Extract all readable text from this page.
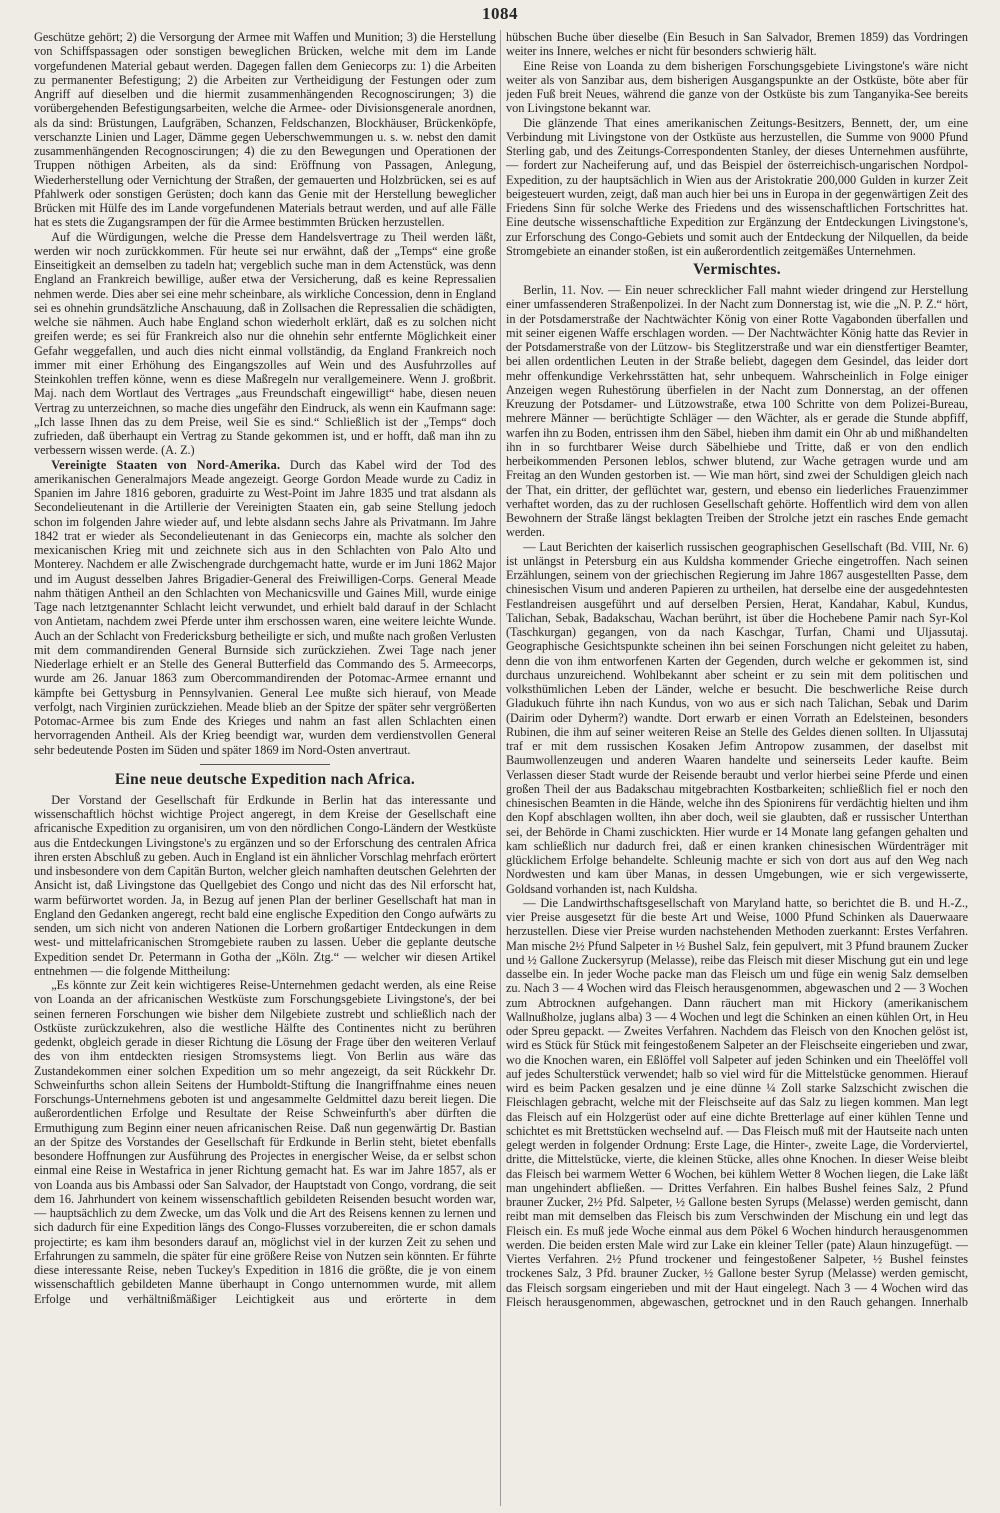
1084

Geschütze gehört; 2) die Versorgung der Armee mit Waffen und Munition; 3) die Herstellung von Schiffspassagen oder sonstigen beweglichen Brücken, welche mit dem im Lande vorgefundenen Material gebaut werden. Dagegen fallen dem Geniecorps zu: 1) die Arbeiten zu permanenter Befestigung; 2) die Arbeiten zur Vertheidigung der Festungen oder zum Angriff auf dieselben und die hiermit zusammenhängenden Recognoscirungen; 3) die vorübergehenden Befestigungsarbeiten, welche die Armee- oder Divisionsgenerale anordnen, als da sind: Brüstungen, Laufgräben, Schanzen, Feldschanzen, Blockhäuser, Brückenköpfe, verschanzte Linien und Lager, Dämme gegen Ueberschwemmungen u. s. w. nebst den damit zusammenhängenden Recognoscirungen; 4) die zu den Bewegungen und Operationen der Truppen nöthigen Arbeiten, als da sind: Eröffnung von Passagen, Anlegung, Wiederherstellung oder Vernichtung der Straßen, der gemauerten und Holzbrücken, sei es auf Pfahlwerk oder sonstigen Gerüsten; doch kann das Genie mit der Herstellung beweglicher Brücken mit Hülfe des im Lande vorgefundenen Materials betraut werden, und auf alle Fälle hat es stets die Zugangsrampen der für die Armee bestimmten Brücken herzustellen.

Auf die Würdigungen, welche die Presse dem Handelsvertrage zu Theil werden läßt, werden wir noch zurückkommen. Für heute sei nur erwähnt, daß der „Temps“ eine große Einseitigkeit an demselben zu tadeln hat; vergeblich suche man in dem Actenstück, was denn England an Frankreich bewillige, außer etwa der Versicherung, daß es keine Repressalien nehmen werde. Dies aber sei eine mehr scheinbare, als wirkliche Concession, denn in England sei es ohnehin grundsätzliche Anschauung, daß in Zollsachen die Repressalien die schädigten, welche sie nähmen. Auch habe England schon wiederholt erklärt, daß es zu solchen nicht greifen werde; es sei für Frankreich also nur die ohnehin sehr entfernte Möglichkeit einer Gefahr weggefallen, und auch dies nicht einmal vollständig, da England Frankreich noch immer mit einer Erhöhung des Eingangszolles auf Wein und des Ausfuhrzolles auf Steinkohlen treffen könne, wenn es diese Maßregeln nur verallgemeinere. Wenn J. großbrit. Maj. nach dem Wortlaut des Vertrages „aus Freundschaft eingewilligt“ habe, diesen neuen Vertrag zu unterzeichnen, so mache dies ungefähr den Eindruck, als wenn ein Kaufmann sage: „Ich lasse Ihnen das zu dem Preise, weil Sie es sind.“ Schließlich ist der „Temps“ doch zufrieden, daß überhaupt ein Vertrag zu Stande gekommen ist, und er hofft, daß man ihn zu verbessern wissen werde. (A. Z.)

Vereinigte Staaten von Nord-Amerika. Durch das Kabel wird der Tod des amerikanischen Generalmajors Meade angezeigt. George Gordon Meade wurde zu Cadiz in Spanien im Jahre 1816 geboren, graduirte zu West-Point im Jahre 1835 und trat alsdann als Secondelieutenant in die Artillerie der Vereinigten Staaten ein, gab seine Stellung jedoch schon im folgenden Jahre wieder auf, und lebte alsdann sechs Jahre als Privatmann. Im Jahre 1842 trat er wieder als Secondelieutenant in das Geniecorps ein, machte als solcher den mexicanischen Krieg mit und zeichnete sich aus in den Schlachten von Palo Alto und Monterey. Nachdem er alle Zwischengrade durchgemacht hatte, wurde er im Juni 1862 Major und im August desselben Jahres Brigadier-General des Freiwilligen-Corps. General Meade nahm thätigen Antheil an den Schlachten von Mechanicsville und Gaines Mill, wurde einige Tage nach letztgenannter Schlacht leicht verwundet, und erhielt bald darauf in der Schlacht von Antietam, nachdem zwei Pferde unter ihm erschossen waren, eine weitere leichte Wunde. Auch an der Schlacht von Fredericksburg betheiligte er sich, und mußte nach großen Verlusten mit dem commandirenden General Burnside sich zurückziehen. Zwei Tage nach jener Niederlage erhielt er an Stelle des General Butterfield das Commando des 5. Armeecorps, wurde am 26. Januar 1863 zum Obercommandirenden der Potomac-Armee ernannt und kämpfte bei Gettysburg in Pennsylvanien. General Lee mußte sich hierauf, von Meade verfolgt, nach Virginien zurückziehen. Meade blieb an der Spitze der später sehr vergrößerten Potomac-Armee bis zum Ende des Krieges und nahm an fast allen Schlachten einen hervorragenden Antheil. Als der Krieg beendigt war, wurden dem verdienstvollen General sehr bedeutende Posten im Süden und später 1869 im Nord-Osten anvertraut.

Eine neue deutsche Expedition nach Africa.

Der Vorstand der Gesellschaft für Erdkunde in Berlin hat das interessante und wissenschaftlich höchst wichtige Project angeregt, in dem Kreise der Gesellschaft eine africanische Expedition zu organisiren, um von den nördlichen Congo-Ländern der Westküste aus die Entdeckungen Livingstone's zu ergänzen und so der Erforschung des centralen Africa ihren ersten Abschluß zu geben. Auch in England ist ein ähnlicher Vorschlag mehrfach erörtert und insbesondere von dem Capitän Burton, welcher gleich namhaften deutschen Gelehrten der Ansicht ist, daß Livingstone das Quellgebiet des Congo und nicht das des Nil erforscht hat, warm befürwortet worden. Ja, in Bezug auf jenen Plan der berliner Gesellschaft hat man in England den Gedanken angeregt, recht bald eine englische Expedition den Congo aufwärts zu senden, um sich nicht von anderen Nationen die Lorbern großartiger Entdeckungen in dem west- und mittelafricanischen Stromgebiete rauben zu lassen. Ueber die geplante deutsche Expedition sendet Dr. Petermann in Gotha der „Köln. Ztg.“ — welcher wir diesen Artikel entnehmen — die folgende Mittheilung:

„Es könnte zur Zeit kein wichtigeres Reise-Unternehmen gedacht werden, als eine Reise von Loanda an der africanischen Westküste zum Forschungsgebiete Livingstone's, der bei seinen ferneren Forschungen wie bisher dem Nilgebiete zustrebt und schließlich nach der Ostküste zurückzukehren, also die westliche Hälfte des Continentes nicht zu berühren gedenkt, obgleich gerade in dieser Richtung die Lösung der Frage über den weiteren Verlauf des von ihm entdeckten riesigen Stromsystems liegt. Von Berlin aus wäre das Zustandekommen einer solchen Expedition um so mehr angezeigt, da seit Rückkehr Dr. Schweinfurths schon allein Seitens der Humboldt-Stiftung die Inangriffnahme eines neuen Forschungs-Unternehmens geboten ist und angesammelte Geldmittel dazu bereit liegen. Die außerordentlichen Erfolge und Resultate der Reise Schweinfurth's aber dürften die Ermuthigung zum Beginn einer neuen africanischen Reise. Daß nun gegenwärtig Dr. Bastian an der Spitze des Vorstandes der Gesellschaft für Erdkunde in Berlin steht, bietet ebenfalls besondere Hoffnungen zur Ausführung des Projectes in energischer Weise, da er selbst schon einmal eine Reise in Westafrica in jener Richtung gemacht hat. Es war im Jahre 1857, als er von Loanda aus bis Ambassi oder San Salvador, der Hauptstadt von Congo, vordrang, die seit dem 16. Jahrhundert von keinem wissenschaftlich gebildeten Reisenden besucht worden war, — hauptsächlich zu dem Zwecke, um das Volk und die Art des Reisens kennen zu lernen und sich dadurch für eine Expedition längs des Congo-Flusses vorzubereiten, die er schon damals projectirte; es kam ihm besonders darauf an, möglichst viel in der kurzen Zeit zu sehen und Erfahrungen zu sammeln, die später für eine größere Reise von Nutzen sein könnten. Er führte diese interessante Reise, neben Tuckey's Expedition in 1816 die größte, die je von einem wissenschaftlich gebildeten Manne überhaupt in Congo unternommen wurde, mit allem Erfolge und verhältnißmäßiger Leichtigkeit aus und erörterte in dem

hübschen Buche über dieselbe (Ein Besuch in San Salvador, Bremen 1859) das Vordringen weiter ins Innere, welches er nicht für besonders schwierig hält.

Eine Reise von Loanda zu dem bisherigen Forschungsgebiete Livingstone's wäre nicht weiter als von Sanzibar aus, dem bisherigen Ausgangspunkte an der Ostküste, böte aber für jeden Fuß breit Neues, während die ganze von der Ostküste bis zum Tanganyika-See bereits von Livingstone bekannt war.

Die glänzende That eines amerikanischen Zeitungs-Besitzers, Bennett, der, um eine Verbindung mit Livingstone von der Ostküste aus herzustellen, die Summe von 9000 Pfund Sterling gab, und des Zeitungs-Correspondenten Stanley, der dieses Unternehmen ausführte, — fordert zur Nacheiferung auf, und das Beispiel der österreichisch-ungarischen Nordpol-Expedition, zu der hauptsächlich in Wien aus der Aristokratie 200,000 Gulden in kurzer Zeit beigesteuert wurden, zeigt, daß man auch hier bei uns in Europa in der gegenwärtigen Zeit des Friedens Sinn für solche Werke des Friedens und des wissenschaftlichen Fortschrittes hat. Eine deutsche wissenschaftliche Expedition zur Ergänzung der Entdeckungen Livingstone's, zur Erforschung des Congo-Gebiets und somit auch der Entdeckung der Nilquellen, da beide Stromgebiete an einander stoßen, ist ein außerordentlich zeitgemäßes Unternehmen.

Vermischtes.

Berlin, 11. Nov. — Ein neuer schrecklicher Fall mahnt wieder dringend zur Herstellung einer umfassenderen Straßenpolizei. In der Nacht zum Donnerstag ist, wie die „N. P. Z.“ hört, in der Potsdamerstraße der Nachtwächter König von einer Rotte Vagabonden überfallen und mit seiner eigenen Waffe erschlagen worden. — Der Nachtwächter König hatte das Revier in der Potsdamerstraße von der Lützow- bis Steglitzerstraße und war ein dienstfertiger Beamter, bei allen ordentlichen Leuten in der Straße beliebt, dagegen dem Gesindel, das leider dort mehr offenkundige Verkehrsstätten hat, sehr unbequem. Wahrscheinlich in Folge einiger Anzeigen wegen Ruhestörung überfielen in der Nacht zum Donnerstag, an der offenen Kreuzung der Potsdamer- und Lützowstraße, etwa 100 Schritte von dem Polizei-Bureau, mehrere Männer — berüchtigte Schläger — den Wächter, als er gerade die Stunde abpfiff, warfen ihn zu Boden, entrissen ihm den Säbel, hieben ihm damit ein Ohr ab und mißhandelten ihn in so furchtbarer Weise durch Säbelhiebe und Tritte, daß er von den endlich herbeikommenden Personen leblos, schwer blutend, zur Wache getragen wurde und am Freitag an den Wunden gestorben ist. — Wie man hört, sind zwei der Schuldigen gleich nach der That, ein dritter, der geflüchtet war, gestern, und ebenso ein liederliches Frauenzimmer verhaftet worden, das zu der ruchlosen Gesellschaft gehörte. Hoffentlich wird dem von allen Bewohnern der Straße längst beklagten Treiben der Strolche jetzt ein rasches Ende gemacht werden.

— Laut Berichten der kaiserlich russischen geographischen Gesellschaft (Bd. VIII, Nr. 6) ist unlängst in Petersburg ein aus Kuldsha kommender Grieche eingetroffen. Nach seinen Erzählungen, seinem von der griechischen Regierung im Jahre 1867 ausgestellten Passe, dem chinesischen Visum und anderen Papieren zu urtheilen, hat derselbe eine der ausgedehntesten Festlandreisen ausgeführt und auf derselben Persien, Herat, Kandahar, Kabul, Kundus, Talichan, Sebak, Badakschau, Wachan berührt, ist über die Hochebene Pamir nach Syr-Kol (Taschkurgan) gegangen, von da nach Kaschgar, Turfan, Chami und Uljassutaj. Geographische Gesichtspunkte scheinen ihn bei seinen Forschungen nicht geleitet zu haben, denn die von ihm entworfenen Karten der Gegenden, durch welche er gekommen ist, sind durchaus unzureichend. Wohlbekannt aber scheint er zu sein mit dem politischen und volksthümlichen Leben der Länder, welche er besucht. Die beschwerliche Reise durch Gladukuch führte ihn nach Kundus, von wo aus er sich nach Talichan, Sebak und Darim (Dairim oder Dyherm?) wandte. Dort erwarb er einen Vorrath an Edelsteinen, besonders Rubinen, die ihm auf seiner weiteren Reise an Stelle des Geldes dienen sollten. In Uljassutaj traf er mit dem russischen Kosaken Jefim Antropow zusammen, der daselbst mit Baumwollenzeugen und anderen Waaren handelte und seinerseits Leder kaufte. Beim Verlassen dieser Stadt wurde der Reisende beraubt und verlor hierbei seine Pferde und einen großen Theil der aus Badakschau mitgebrachten Kostbarkeiten; schließlich fiel er noch den chinesischen Beamten in die Hände, welche ihn des Spionirens für verdächtig hielten und ihm den Kopf abschlagen wollten, ihn aber doch, weil sie glaubten, daß er russischer Unterthan sei, der Behörde in Chami zuschickten. Hier wurde er 14 Monate lang gefangen gehalten und kam schließlich nur dadurch frei, daß er einen kranken chinesischen Würdenträger mit glücklichem Erfolge behandelte. Schleunig machte er sich von dort aus auf den Weg nach Nordwesten und kam über Manas, in dessen Umgebungen, wie er sich vergewisserte, Goldsand vorhanden ist, nach Kuldsha.

— Die Landwirthschaftsgesellschaft von Maryland hatte, so berichtet die B. und H.-Z., vier Preise ausgesetzt für die beste Art und Weise, 1000 Pfund Schinken als Dauerwaare herzustellen. Diese vier Preise wurden nachstehenden Methoden zuerkannt: Erstes Verfahren. Man mische 2½ Pfund Salpeter in ½ Bushel Salz, fein gepulvert, mit 3 Pfund braunem Zucker und ½ Gallone Zuckersyrup (Melasse), reibe das Fleisch mit dieser Mischung gut ein und lege dasselbe ein. In jeder Woche packe man das Fleisch um und füge ein wenig Salz demselben zu. Nach 3 — 4 Wochen wird das Fleisch herausgenommen, abgewaschen und 2 — 3 Wochen zum Abtrocknen aufgehangen. Dann räuchert man mit Hickory (amerikanischem Wallnußholze, juglans alba) 3 — 4 Wochen und legt die Schinken an einen kühlen Ort, in Heu oder Spreu gepackt. — Zweites Verfahren. Nachdem das Fleisch von den Knochen gelöst ist, wird es Stück für Stück mit feingestoßenem Salpeter an der Fleischseite eingerieben und zwar, wo die Knochen waren, ein Eßlöffel voll Salpeter auf jeden Schinken und ein Theelöffel voll auf jedes Schulterstück verwendet; halb so viel wird für die Mittelstücke genommen. Hierauf wird es beim Packen gesalzen und je eine dünne ¼ Zoll starke Salzschicht zwischen die Fleischlagen gebracht, welche mit der Fleischseite auf das Salz zu liegen kommen. Man legt das Fleisch auf ein Holzgerüst oder auf eine dichte Bretterlage auf einer kühlen Tenne und schichtet es mit Brettstücken wechselnd auf. — Das Fleisch muß mit der Hautseite nach unten gelegt werden in folgender Ordnung: Erste Lage, die Hinter-, zweite Lage, die Vorderviertel, dritte, die Mittelstücke, vierte, die kleinen Stücke, alles ohne Knochen. In dieser Weise bleibt das Fleisch bei warmem Wetter 6 Wochen, bei kühlem Wetter 8 Wochen liegen, die Lake läßt man ungehindert abfließen. — Drittes Verfahren. Ein halbes Bushel feines Salz, 2 Pfund brauner Zucker, 2½ Pfd. Salpeter, ½ Gallone besten Syrups (Melasse) werden gemischt, dann reibt man mit demselben das Fleisch bis zum Verschwinden der Mischung ein und legt das Fleisch ein. Es muß jede Woche einmal aus dem Pökel 6 Wochen hindurch herausgenommen werden. Die beiden ersten Male wird zur Lake ein kleiner Teller (pate) Alaun hinzugefügt. — Viertes Verfahren. 2½ Pfund trockener und feingestoßener Salpeter, ½ Bushel feinstes trockenes Salz, 3 Pfd. brauner Zucker, ½ Gallone bester Syrup (Melasse) werden gemischt, das Fleisch sorgsam eingerieben und mit der Haut eingelegt. Nach 3 — 4 Wochen wird das Fleisch herausgenommen, abgewaschen, getrocknet und in den Rauch gehangen. Innerhalb
